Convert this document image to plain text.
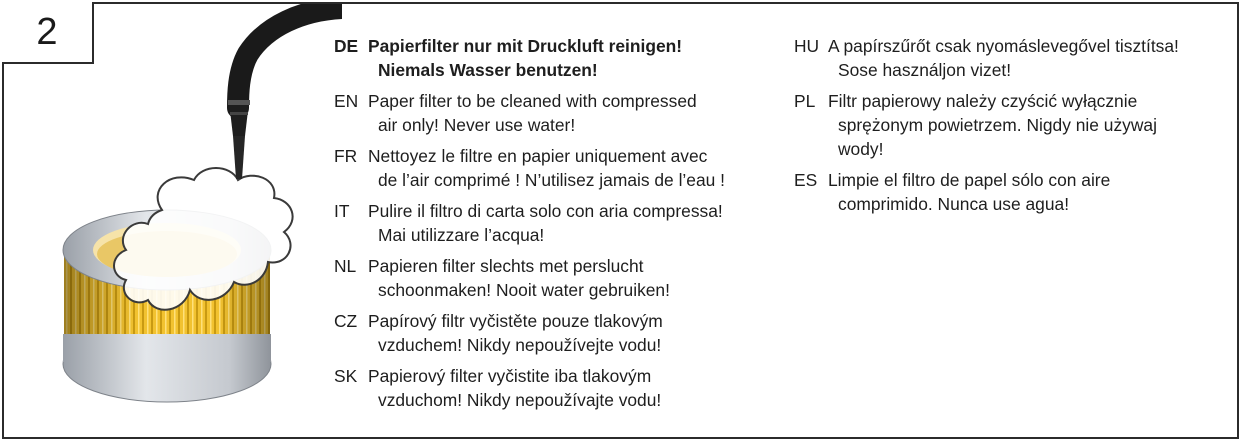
2	DE Papierfilter nur mit Druckluft reinigen!
Niemals Wasser benutzen!
EN Paper filter to be cleaned with compressed
air only! Never use water!
FR Nettoyez le filtre en papier uniquement avec
de l’air comprimé ! N’utilisez jamais de l’eau !
IT	Pulire il filtro di carta solo con aria compressa!
Mai utilizzare l’acqua!
NL Papieren filter slechts met perslucht
schoonmaken! Nooit water gebruiken!
CZ Papírový filtr vyčistěte pouze tlakovým
vzduchem! Nikdy nepoužívejte vodu!
SK Papierový filter vyčistite iba tlakovým
vzduchom! Nikdy nepoužívajte vodu!
HU A papírszűrőt csak nyomáslevegővel tisztítsa!
Sose használjon vizet!
PL Filtr papierowy należy czyścić wyłącznie
sprężonym powietrzem. Nigdy nie używaj
wody!
ES Limpie el filtro de papel sólo con aire
comprimido. Nunca use agua!
